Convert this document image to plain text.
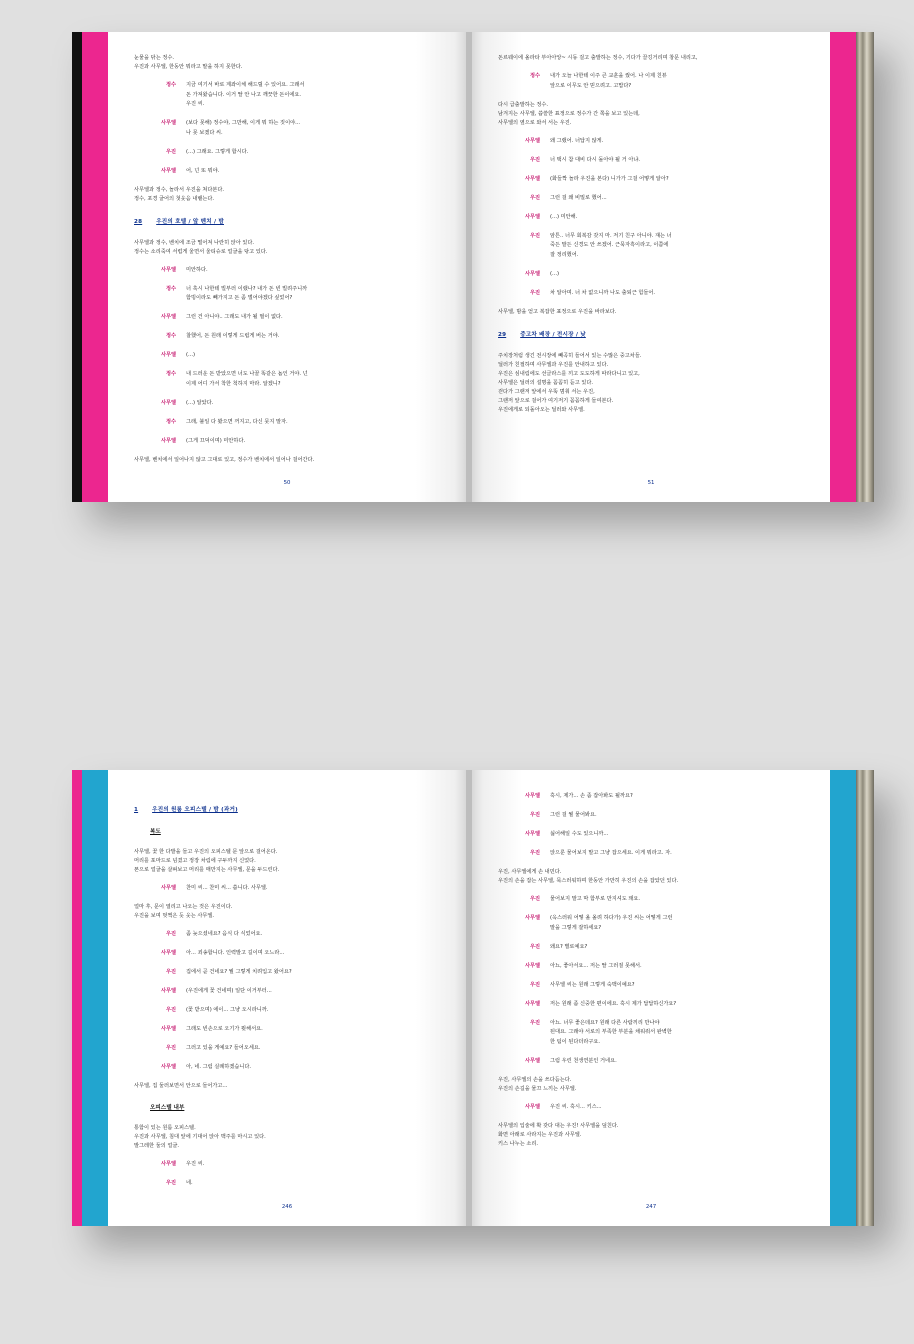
눈물을 닦는 정수.
우진과 사무엘, 한동안 뭐라고 말을 하지 못한다.
정수	지금 여기서 바로 계좌이체 해드릴 수 있어요. 그래서
돈 가져왔습니다. 이거 딸 안 나고 깨끗한 돈이에요.
우진 씨.
사무엘	(보다 못해) 정수야, 그만해, 이게 뭐 하는 짓이야...
나 못 보겠다 씨.
우진	(...) 그래요. 그렇게 합시다.
사무엘	어, 넌 또 뭐야.
사무엘과 정수, 놀라서 우진을 쳐다본다.
정수, 포경 굴어의 첫웃음 내뱉는다.
28	우진의 호텔 / 앞 벤치 / 밤
사무엘과 정수, 벤치에 조금 떨어져 나란히 앉아 있다.
정수는 소리죽여 서럽게 울면서 울티슈로 얼굴을 닦고 있다.
사무엘	미안하다.
정수	너 혹시 나한테 빌부러 이랬나? 내가 돈 빈 빌려주니까
함빙이라도 빼가지고 돈 좀 벌어야겠다 싶었어?
사무엘	그런 건 아니야.. 그래도 내가 될 필이 없다.
정수	찰했어, 돈 원래 이렇게 드립게 버는 거야.
사무엘	(...)
정수	내 드러운 돈 받았으면 너도 나꿀 똑같은 놈인 거야. 넌
이제 어디 가서 착한 척하지 마라. 알겠니?
사무엘	(...) 알았다.
정수	그래, 불일 다 봤으면 꺼지고, 다신 뭇지 말자.
사무엘	(그게 끄덕이며) 미안하다.
사무엘, 벤치에서 일어나지 않고 그대로 있고, 정수가 벤치에서 일어나 걸어간다.
50
돈르웨이에 올라타 부아아앙~ 시동 걸고 출발하는 정수, 기다가 끌깅거리며 창문 내리고,
정수	내가 오늘 나한테 이주 큰 교훈을 줬어. 나 이제 친뷰
앞으로 이무도 안 믿으려고. 고맙다?
다시 급출발하는 정수.
남겨지는 사무엘, 씁쓸한 표정으로 정수가 간 쪽을 보고 있는데,
사무엘의 옆으로 와서 서는 우진.
사무엘	왜 그랬어. 너답지 않게.
우진	너 택시 참 대비 다시 돌아야 될 거 아냐.
사무엘	(화들짝 놀라 우진을 본다) 니가가 그걸 어떻게 알아?
우진	그런 걸 왜 비밀로 했어...
사무엘	(...) 미안해.
우진	암튼.. 너무 회복감 갖지 마. 저기 친구 아니야. 쟤는 너
죽든 말든 신경도 안 쓰겠어. 근묵자흑이라고, 이쯤에
잘 정리했어.
사무엘	(...)
우진	차 알아며. 너 차 없으니까 나도 출퇴근 힘들어.
사무엘, 밤을 얻고 복잡한 표정으로 우진을 바라보다.
29	중고차 배장 / 전시장 / 낮
주치장처럼 생긴 전시장에 빼곡히 들어서 있는 수많은 중고차들.
딜러가 친절하며 사무엘과 우진를 안내하고 있다.
우진은 심내림에도 선글라스를 끼고 도도하게 따라다니고 있고,
사무엘은 딜러의 설명을 꼼꼼히 듣고 있다.
걷다가 그랜저 앞에서 우뚝 멈춰 서는 우진,
그랜저 앞으로 걸어가 여기저기 꼼꼼하게 들여본다.
우진에게로 되돌아오는 딜러와 사무엘.
51
1	우진의 원룸 오피스텔 / 밤 (과거)
복도
사무엘, 꽃 한 다발을 들고 우진의 오피스텔 문 앞으로 걸어온다.
머리를 포마드로 넘겼고 정장 차림에 구두까지 신었다.
폰으로 얼굴을 살펴보고 머리를 매만지는 사무엘, 문을 두드린다.
사무엘	찬미 씨... 찬미 씨... 씁니다. 사무엘.
얼마 후, 문이 열리고 나오는 것은 우진이다.
우진을 보며 멋쩍은 듯 웃는 사무엘.
우진	좀 늦으셨네요? 음식 다 식었어요.
사무엘	아... 죄송합니다. 인력발고 길이며 오느라...
우진	집에서 곧 건네요? 뭘 그렇게 치려입고 왔어요?
사무엘	(우진에게 꽃 건네며) 일단 이거부터...
우진	(꽃 받으며) 에이... 그냥 오시라니까.
사무엘	그래도 빈손으로 오기가 뭣해서요.
우진	그러고 있을 게예요? 들어오세요.
사무엘	아, 네. 그럼 실례하겠습니다.
사무엘, 집 둘러보면서 안으로 들어가고...
오피스텔 내부
통함이 있는 원룸 오피스텔.
우진과 사무엘, 침대 앞에 기대어 앉아 맥주를 마시고 있다.
발그레한 둘의 얼굴.
사무엘	우진 씨.
우진	네.
246
사무엘	혹시, 제가... 손 좀 잡아봐도 될까요?
우진	그런 걸 뭘 물어봐요.
사무엘	싫어해일 수도 있으니까...
우진	앉으룬 물어보지 말고 그냥 잡으세요. 이게 뭐라고. 자.
우진, 사무엘에게 손 내민다.
우진의 손을 잡는 사무엘, 묵스러워하며 한동안 가만히 우진의 손을 잡았던 있다.
우진	물어보지 말고 막 함부로 만지셔도 돼요.
사무엘	(옥스러워 어떻 올 올려 하다가) 우진 씨는 어떻게 그런
말을 그렇게 잘하세요?
우진	왜요? 별로예요?
사무엘	아뇨, 좋아서요... 저는 딸 그러질 못해서.
우진	사무엘 씨는 원래 그렇게 숙맥이예요?
사무엘	저는 원래 좀 신중한 편이에요. 혹시 제가 답답하신가요?
우진	아뇨. 너무 좋은데요? 원래 다른 사람끼리 만나야
된대요. 그래야 서로의 부족한 부분을 채워줘서 완벽한
한 팀이 된다더라구요.
사무엘	그럼 우린 천생연분인 거네요.
우진, 사무엘의 손을 쓰다듬는다.
우진의 손길을 물끄 느끼는 사무엘.
사무엘	우진 씨. 혹시... 키스...
사무엘의 입술에 확 갖다 대는 우진! 사무엘을 덮친다.
화면 아래로 사라지는 우진과 사무엘.
키스 나누는 소리.
247
